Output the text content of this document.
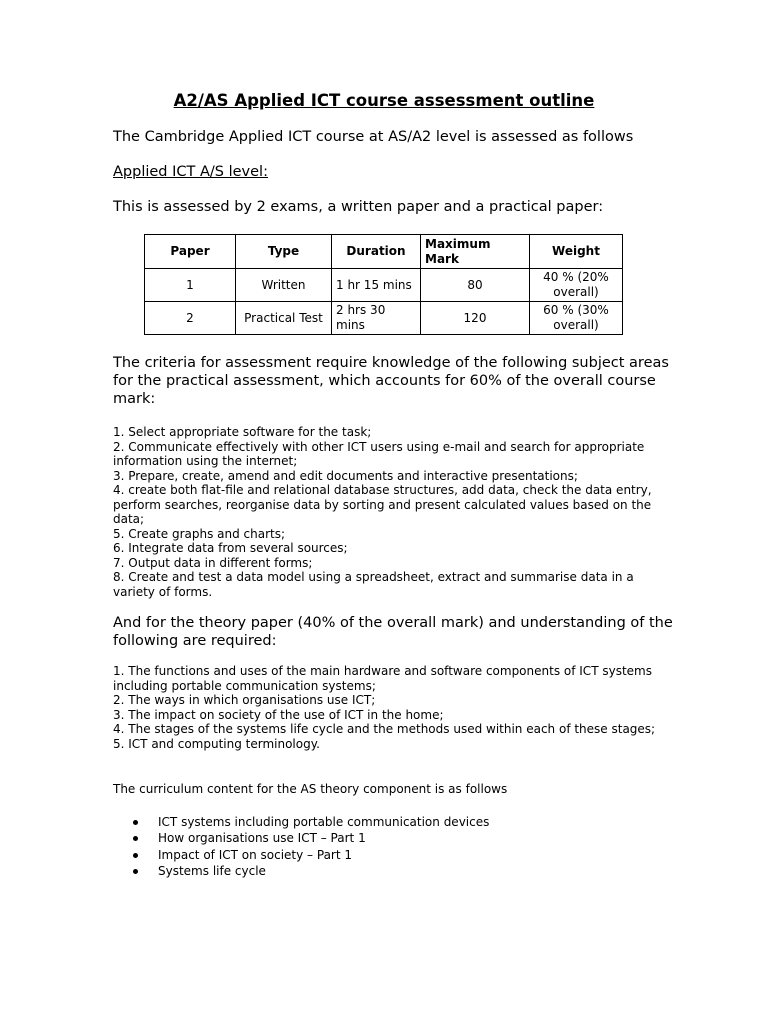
A2/AS Applied ICT course assessment outline
The Cambridge Applied ICT course at AS/A2 level is assessed as follows
Applied ICT A/S level:
This is assessed by 2 exams, a written paper and a practical paper:
Paper	Type	Duration	Maximum Mark	Weight
1	Written	1 hr 15 mins	80	40 % (20% overall)
2	Practical Test	2 hrs 30 mins	120	60 % (30% overall)
The criteria for assessment require knowledge of the following subject areas for the practical assessment, which accounts for 60% of the overall course mark:
1. Select appropriate software for the task;
2. Communicate effectively with other ICT users using e-mail and search for appropriate information using the internet;
3. Prepare, create, amend and edit documents and interactive presentations;
4. create both flat-file and relational database structures, add data, check the data entry, perform searches, reorganise data by sorting and present calculated values based on the data;
5. Create graphs and charts;
6. Integrate data from several sources;
7. Output data in different forms;
8. Create and test a data model using a spreadsheet, extract and summarise data in a variety of forms.
And for the theory paper (40% of the overall mark) and understanding of the following are required:
1. The functions and uses of the main hardware and software components of ICT systems including portable communication systems;
2. The ways in which organisations use ICT;
3. The impact on society of the use of ICT in the home;
4. The stages of the systems life cycle and the methods used within each of these stages;
5. ICT and computing terminology.
The curriculum content for the AS theory component is as follows
ICT systems including portable communication devices
How organisations use ICT – Part 1
Impact of ICT on society – Part 1
Systems life cycle
